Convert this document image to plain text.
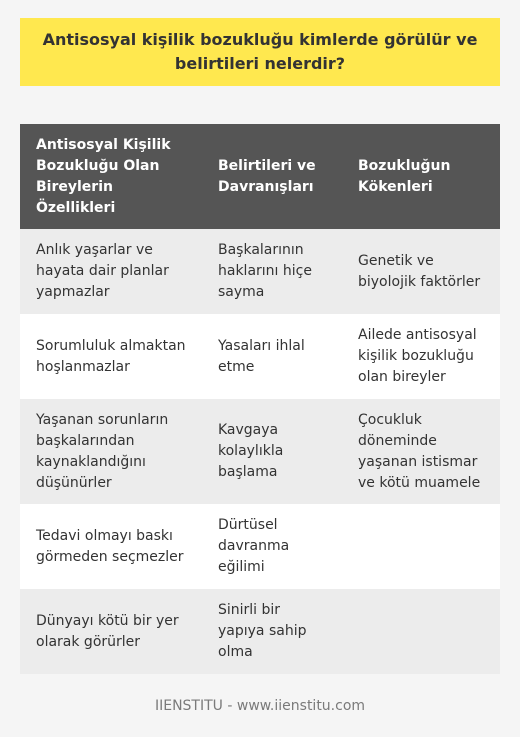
Antisosyal kişilik bozukluğu kimlerde görülür ve belirtileri nelerdir?
Antisosyal Kişilik Bozukluğu Olan Bireylerin Özellikleri	Belirtileri ve Davranışları	Bozukluğun Kökenleri
Anlık yaşarlar ve hayata dair planlar yapmazlar	Başkalarının haklarını hiçe sayma	Genetik ve biyolojik faktörler
Sorumluluk almaktan hoşlanmazlar	Yasaları ihlal etme	Ailede antisosyal kişilik bozukluğu olan bireyler
Yaşanan sorunların başkalarından kaynaklandığını düşünürler	Kavgaya kolaylıkla başlama	Çocukluk döneminde yaşanan istismar ve kötü muamele
Tedavi olmayı baskı görmeden seçmezler	Dürtüsel davranma eğilimi	
Dünyayı kötü bir yer olarak görürler	Sinirli bir yapıya sahip olma	
IIENSTITU - www.iienstitu.com
